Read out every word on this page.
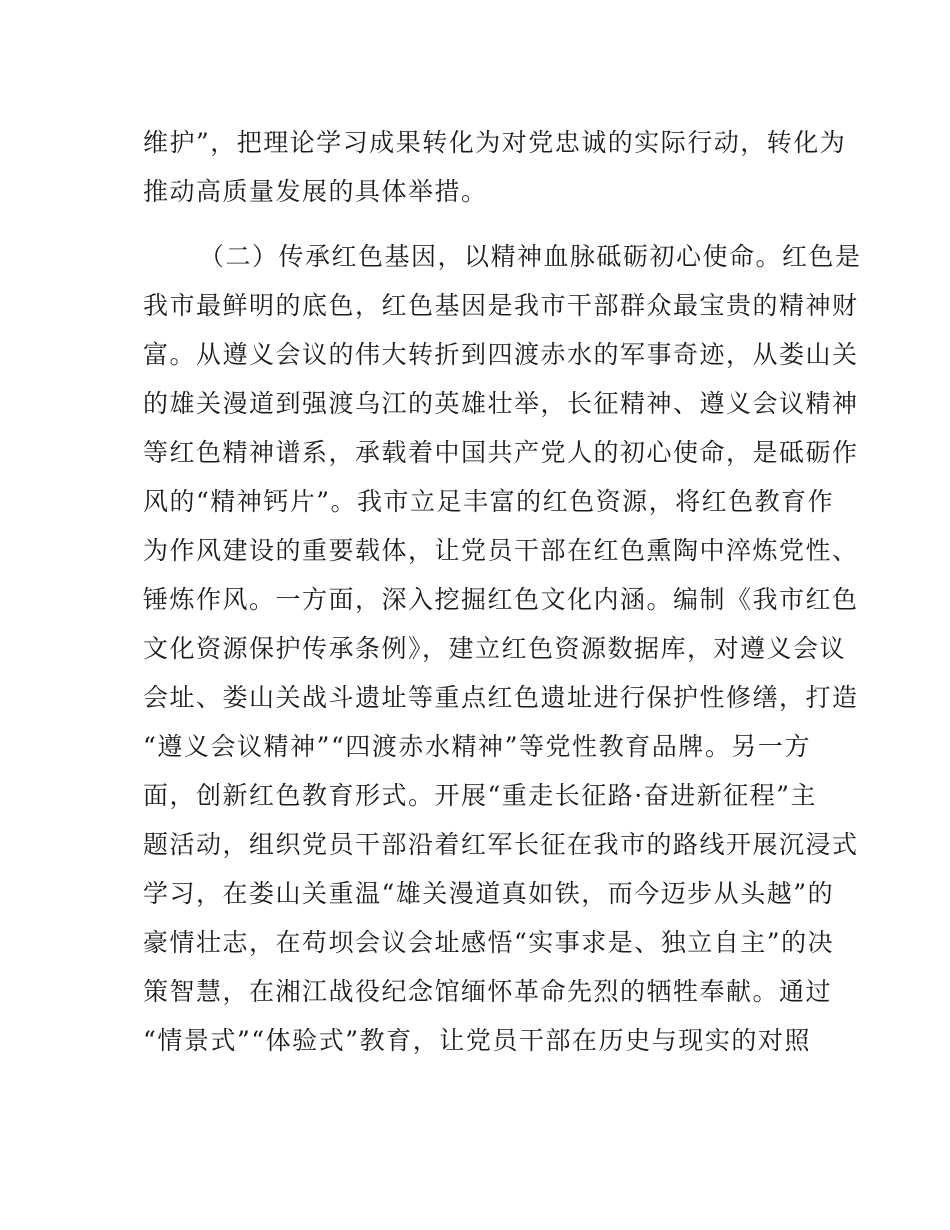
维护”，把理论学习成果转化为对党忠诚的实际行动，转化为
推动高质量发展的具体举措。
（二）传承红色基因，以精神血脉砥砺初心使命。红色是
我市最鲜明的底色，红色基因是我市干部群众最宝贵的精神财
富。从遵义会议的伟大转折到四渡赤水的军事奇迹，从娄山关
的雄关漫道到强渡乌江的英雄壮举，长征精神、遵义会议精神
等红色精神谱系，承载着中国共产党人的初心使命，是砥砺作
风的“精神钙片”。我市立足丰富的红色资源，将红色教育作
为作风建设的重要载体，让党员干部在红色熏陶中淬炼党性、
锤炼作风。一方面，深入挖掘红色文化内涵。编制《我市红色
文化资源保护传承条例》，建立红色资源数据库，对遵义会议
会址、娄山关战斗遗址等重点红色遗址进行保护性修缮，打造
“遵义会议精神”“四渡赤水精神”等党性教育品牌。另一方
面，创新红色教育形式。开展“重走长征路·奋进新征程”主
题活动，组织党员干部沿着红军长征在我市的路线开展沉浸式
学习，在娄山关重温“雄关漫道真如铁，而今迈步从头越”的
豪情壮志，在苟坝会议会址感悟“实事求是、独立自主”的决
策智慧，在湘江战役纪念馆缅怀革命先烈的牺牲奉献。通过
“情景式”“体验式”教育，让党员干部在历史与现实的对照
